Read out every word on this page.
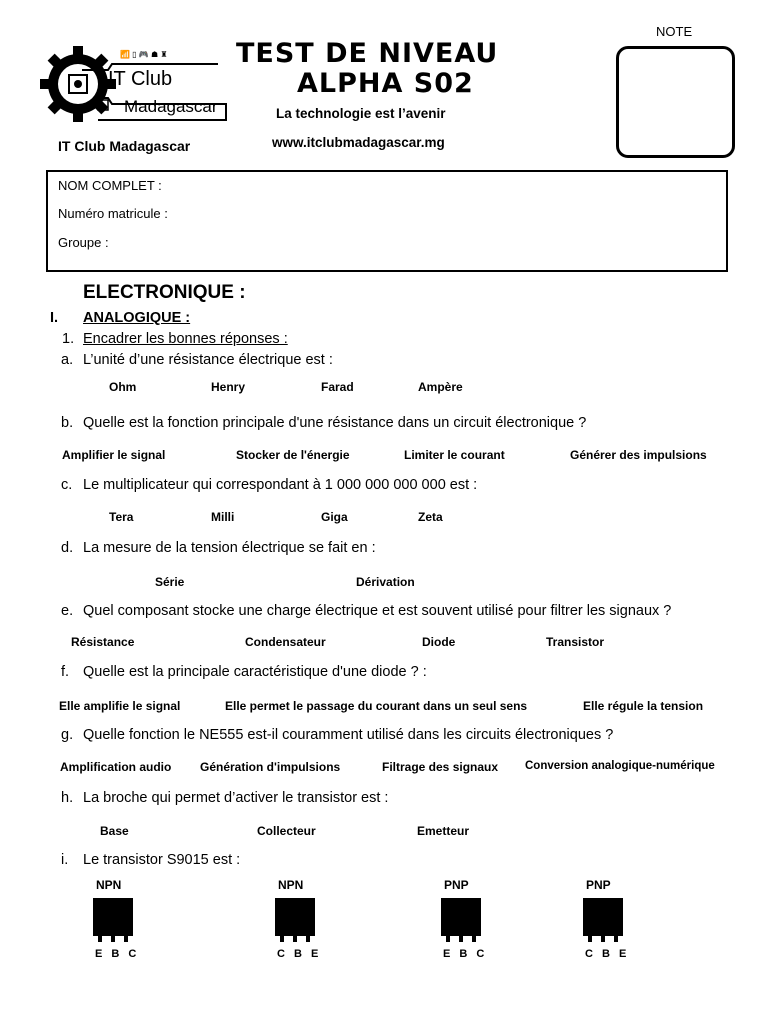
📶 ▯ 🎮 ☗ ♜
IT Club
Madagascar
IT Club Madagascar
TEST DE NIVEAU
ALPHA S02
La technologie est l’avenir
www.itclubmadagascar.mg
NOTE
NOM COMPLET :
Numéro matricule :
Groupe :
ELECTRONIQUE :
I. ANALOGIQUE :
1. Encadrer les bonnes réponses :
a. L’unité d’une résistance électrique est :
Ohm	Henry	Farad	Ampère
b. Quelle est la fonction principale d'une résistance dans un circuit électronique ?
Amplifier le signal	Stocker de l'énergie	Limiter le courant	Générer des impulsions
c. Le multiplicateur qui correspondant à 1 000 000 000 000 est :
Tera	Milli	Giga	Zeta
d. La mesure de la tension électrique se fait en :
Série	Dérivation
e. Quel composant stocke une charge électrique et est souvent utilisé pour filtrer les signaux ?
Résistance	Condensateur	Diode	Transistor
f. Quelle est la principale caractéristique d'une diode ? :
Elle amplifie le signal	Elle permet le passage du courant dans un seul sens	Elle régule la tension
g. Quelle fonction le NE555 est-il couramment utilisé dans les circuits électroniques ?
Amplification audio Génération d'impulsions	Filtrage des signaux Conversion analogique-numérique
h. La broche qui permet d’activer le transistor est :
Base	Collecteur	Emetteur
i. Le transistor S9015 est :
NPN
E B C
NPN
C B E
PNP
E B C
PNP
C B E
